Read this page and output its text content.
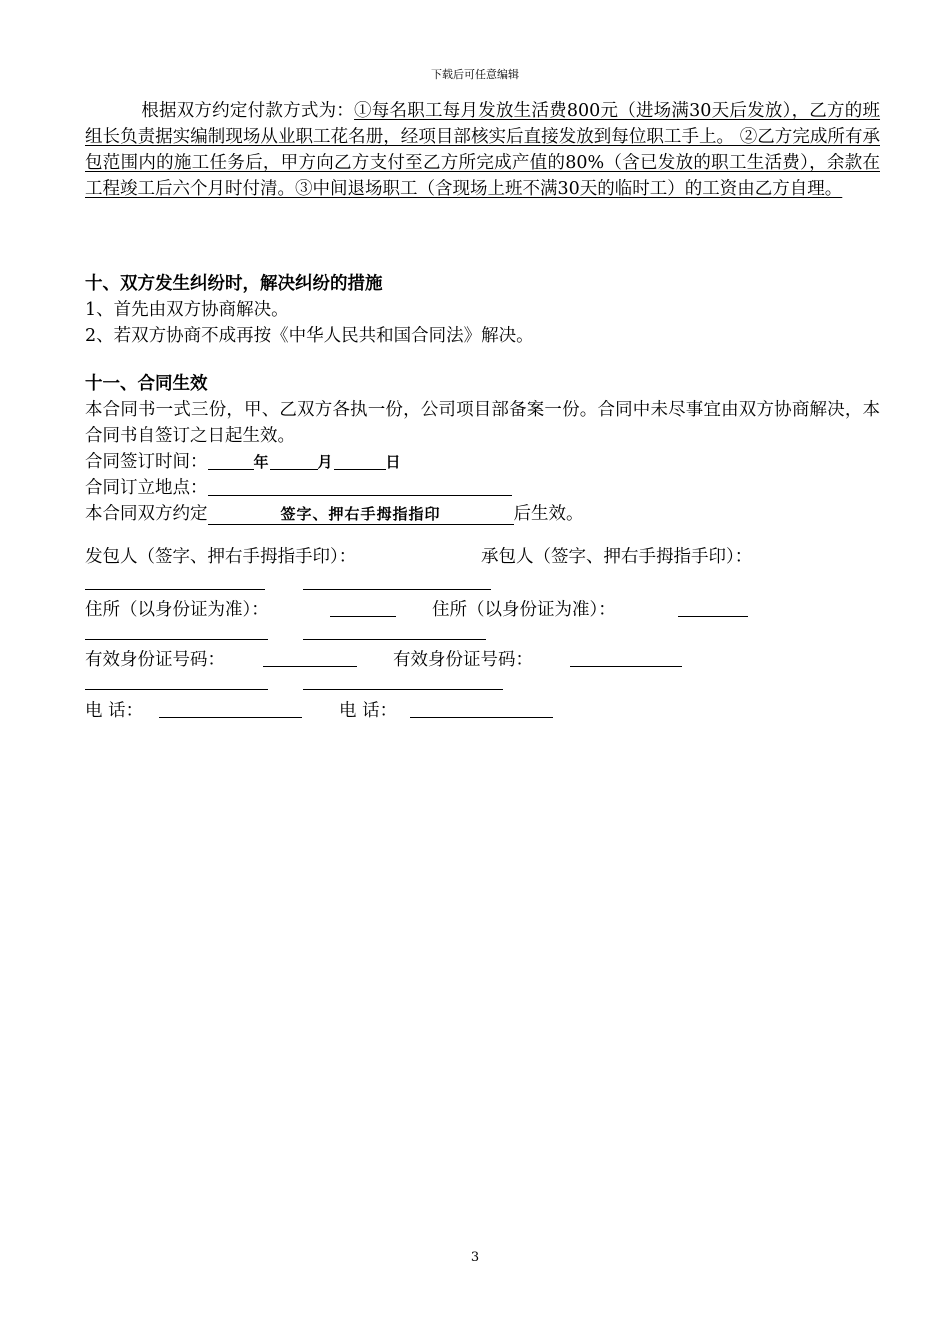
下载后可任意编辑
根据双方约定付款方式为：①每名职工每月发放生活费800元（进场满30天后发放），乙方的班组长负责据实编制现场从业职工花名册，经项目部核实后直接发放到每位职工手上。 ②乙方完成所有承包范围内的施工任务后，甲方向乙方支付至乙方所完成产值的80%（含已发放的职工生活费），余款在工程竣工后六个月时付清。③中间退场职工（含现场上班不满30天的临时工）的工资由乙方自理。
十、双方发生纠纷时，解决纠纷的措施
1、首先由双方协商解决。
2、若双方协商不成再按《中华人民共和国合同法》解决。
十一、合同生效
本合同书一式三份，甲、乙双方各执一份，公司项目部备案一份。合同中未尽事宜由双方协商解决，本合同书自签订之日起生效。
合同签订时间：	年	月	日
合同订立地点：
本合同双方约定	签字、押右手拇指指印	后生效。
发包人（签字、押右手拇指手印）：	承包人（签字、押右手拇指手印）：
住所（以身份证为准）：	住所（以身份证为准）：
有效身份证号码：	有效身份证号码：
电 话：	电 话：
3
